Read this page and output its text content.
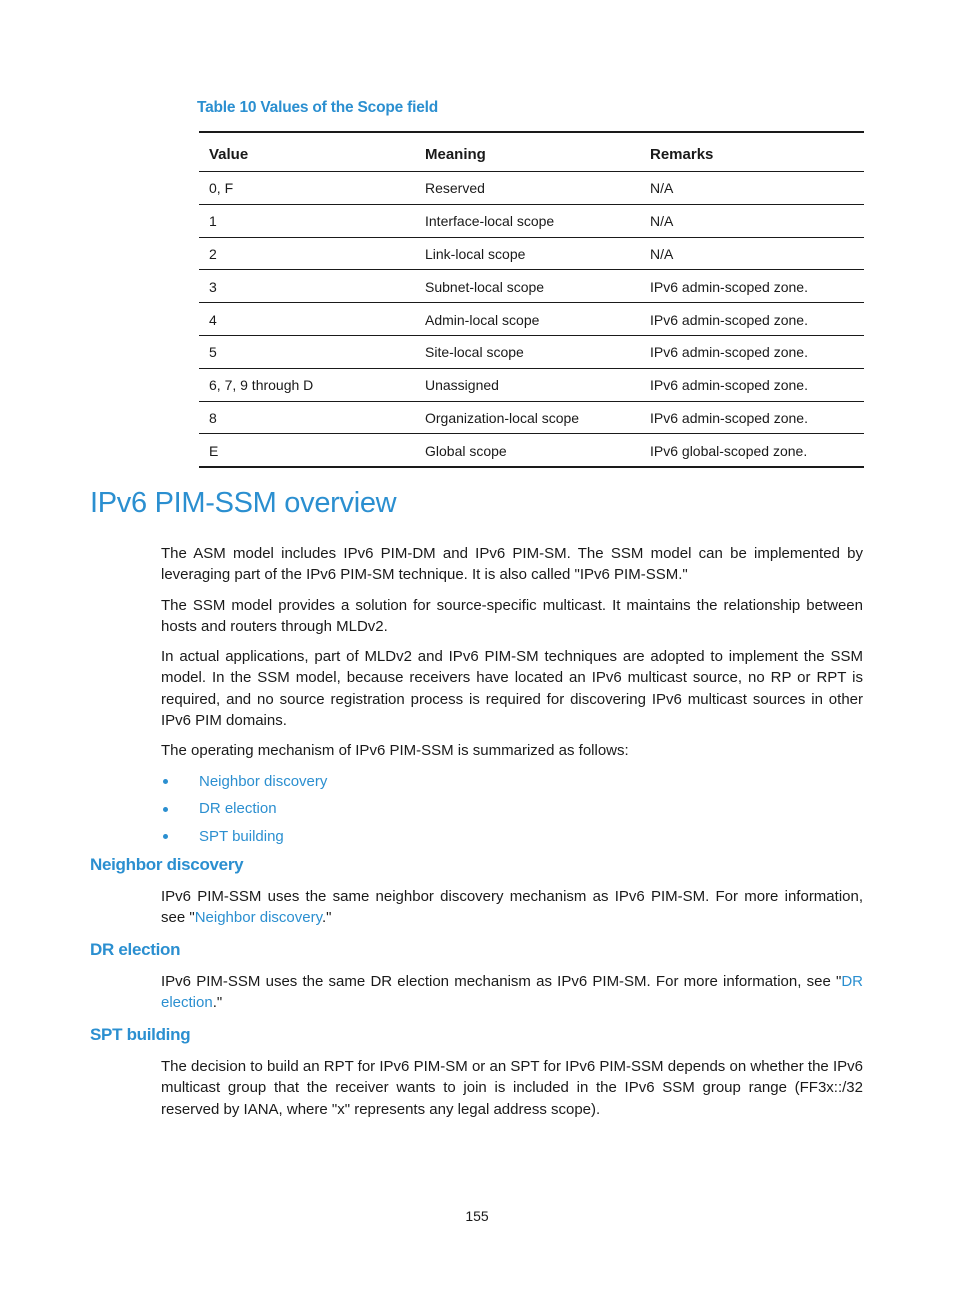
Table 10 Values of the Scope field
Value	Meaning	Remarks
0, F	Reserved	N/A
1	Interface-local scope	N/A
2	Link-local scope	N/A
3	Subnet-local scope	IPv6 admin-scoped zone.
4	Admin-local scope	IPv6 admin-scoped zone.
5	Site-local scope	IPv6 admin-scoped zone.
6, 7, 9 through D	Unassigned	IPv6 admin-scoped zone.
8	Organization-local scope	IPv6 admin-scoped zone.
E	Global scope	IPv6 global-scoped zone.
IPv6 PIM-SSM overview

The ASM model includes IPv6 PIM-DM and IPv6 PIM-SM. The SSM model can be implemented by leveraging part of the IPv6 PIM-SM technique. It is also called "IPv6 PIM-SSM."

The SSM model provides a solution for source-specific multicast. It maintains the relationship between hosts and routers through MLDv2.

In actual applications, part of MLDv2 and IPv6 PIM-SM techniques are adopted to implement the SSM model. In the SSM model, because receivers have located an IPv6 multicast source, no RP or RPT is required, and no source registration process is required for discovering IPv6 multicast sources in other IPv6 PIM domains.

The operating mechanism of IPv6 PIM-SSM is summarized as follows:

Neighbor discovery
DR election
SPT building
Neighbor discovery

IPv6 PIM-SSM uses the same neighbor discovery mechanism as IPv6 PIM-SM. For more information, see "Neighbor discovery."

DR election

IPv6 PIM-SSM uses the same DR election mechanism as IPv6 PIM-SM. For more information, see "DR election."

SPT building

The decision to build an RPT for IPv6 PIM-SM or an SPT for IPv6 PIM-SSM depends on whether the IPv6 multicast group that the receiver wants to join is included in the IPv6 SSM group range (FF3x::/32 reserved by IANA, where "x" represents any legal address scope).

155
